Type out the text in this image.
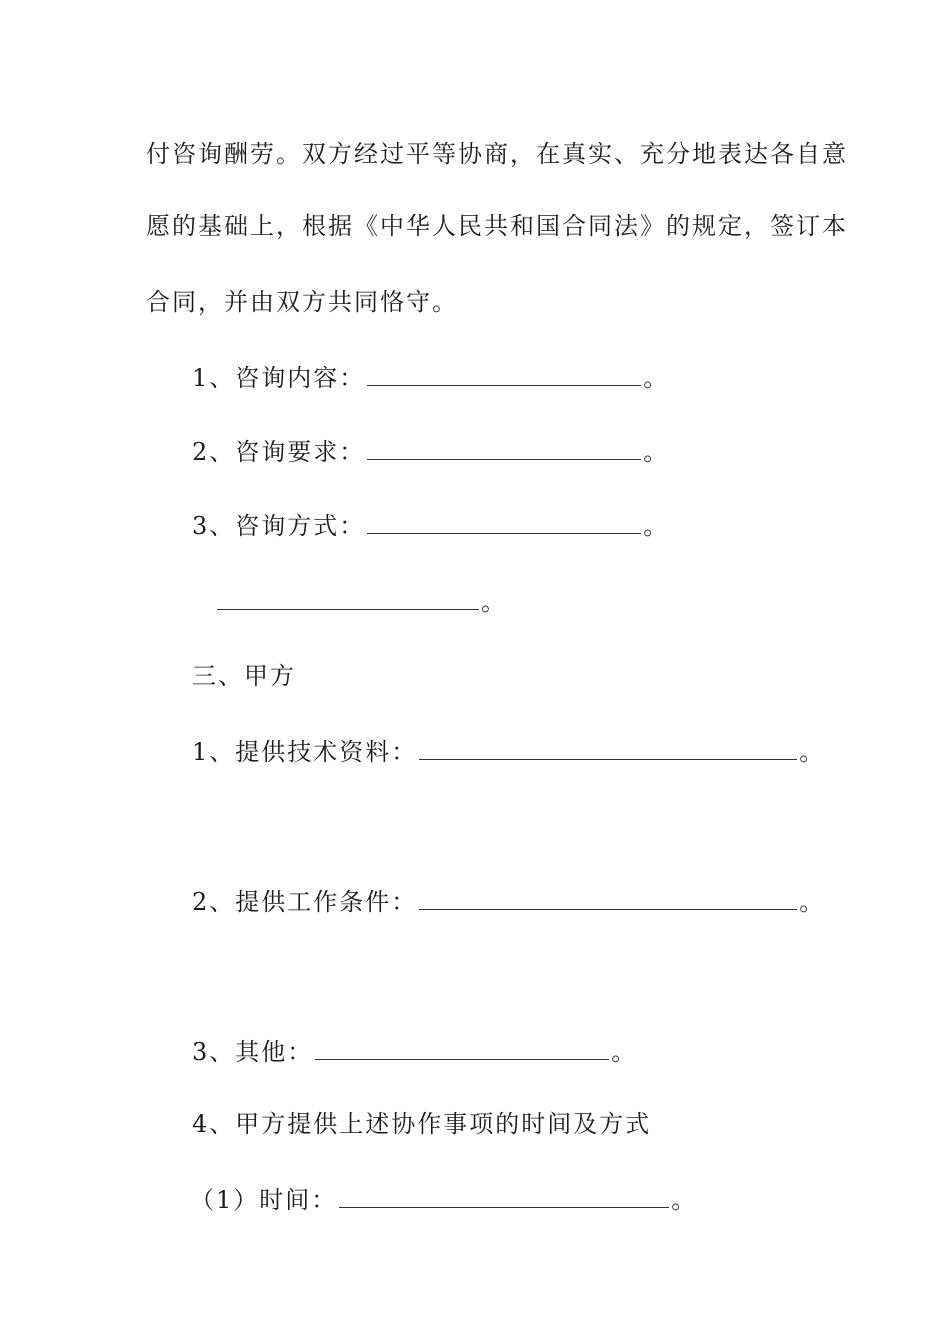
付咨询酬劳。双方经过平等协商，在真实、充分地表达各自意
愿的基础上，根据《中华人民共和国合同法》的规定，签订本
合同，并由双方共同恪守。
1、咨询内容：	。
2、咨询要求：	。
3、咨询方式：	。
。
三、甲方
1、提供技术资料：	。
2、提供工作条件：	。
3、其他：	。
4、甲方提供上述协作事项的时间及方式
（1）时间：	。
